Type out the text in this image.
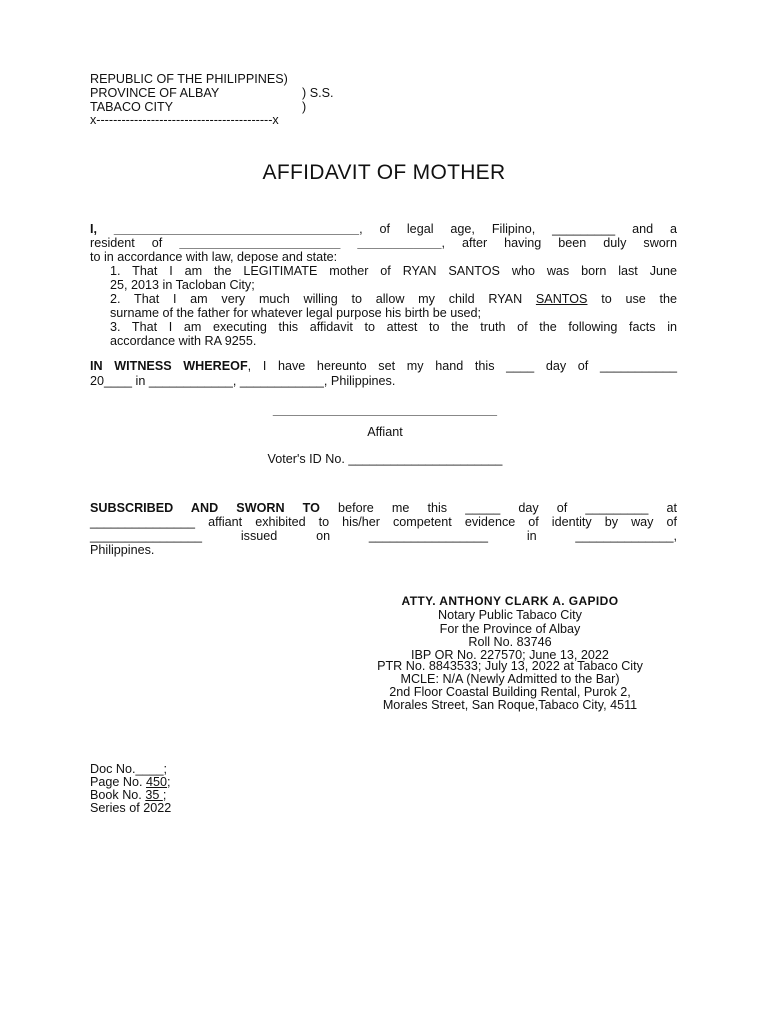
REPUBLIC OF THE PHILIPPINES)
PROVINCE OF ALBAY	) S.S.
TABACO CITY	)
x------------------------------------------x
AFFIDAVIT OF MOTHER
I, ___________________________________, of legal age, Filipino, _________ and a
resident of _______________________ ____________, after having been duly sworn
to in accordance with law, depose and state:
1. That I am the LEGITIMATE mother of RYAN SANTOS who was born last June
25, 2013 in Tacloban City;
2. That I am very much willing to allow my child RYAN SANTOS to use the
surname of the father for whatever legal purpose his birth be used;
3. That I am executing this affidavit to attest to the truth of the following facts in
accordance with RA 9255.
IN WITNESS WHEREOF, I have hereunto set my hand this ____ day of ___________
20____ in ____________, ____________, Philippines.
________________________________
Affiant
Voter's ID No. ______________________
SUBSCRIBED AND SWORN TO before me this _____ day of _________ at
_______________ affiant exhibited to his/her competent evidence of identity by way of
________________ issued on _________________ in ______________,
Philippines.
ATTY. ANTHONY CLARK A. GAPIDO
Notary Public Tabaco City
For the Province of Albay
Roll No. 83746
IBP OR No. 227570; June 13, 2022
PTR No. 8843533; July 13, 2022 at Tabaco City
MCLE: N/A (Newly Admitted to the Bar)
2nd Floor Coastal Building Rental, Purok 2,
Morales Street, San Roque,Tabaco City, 4511
Doc No.____;
Page No. 450;
Book No. 35 ;
Series of 2022
